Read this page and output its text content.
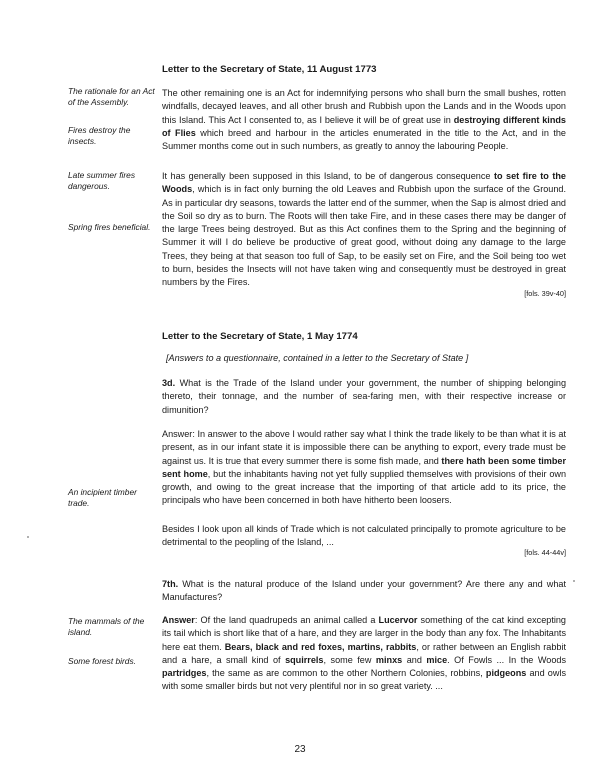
Letter to the Secretary of State, 11 August 1773

The rationale for an Act of the Assembly.

Fires destroy the insects.

The other remaining one is an Act for indemnifying persons who shall burn the small bushes, rotten windfalls, decayed leaves, and all other brush and Rubbish upon the Lands and in the Woods upon this Island. This Act I consented to, as I believe it will be of great use in destroying different kinds of Flies which breed and harbour in the articles enumerated in the title to the Act, and in the Summer months come out in such numbers, as greatly to annoy the labouring People.

Late summer fires dangerous.

Spring fires beneficial.

It has generally been supposed in this Island, to be of dangerous consequence to set fire to the Woods, which is in fact only burning the old Leaves and Rubbish upon the surface of the Ground. As in particular dry seasons, towards the latter end of the summer, when the Sap is almost dried and the Soil so dry as to burn. The Roots will then take Fire, and in these cases there may be danger of the large Trees being destroyed. But as this Act confines them to the Spring and the beginning of Summer it will I do believe be productive of great good, without doing any damage to the large Trees, they being at that season too full of Sap, to be easily set on Fire, and the Soil being too wet to burn, besides the Insects will not have taken wing and consequently must be destroyed in great numbers by the Fires.

[fols. 39v-40]
Letter to the Secretary of State, 1 May 1774
[Answers to a questionnaire, contained in a letter to the Secretary of State ]

3d. What is the Trade of the Island under your government, the number of shipping belonging thereto, their tonnage, and the number of sea-faring men, with their respective increase or dimunition?

An incipient timber trade.

Answer: In answer to the above I would rather say what I think the trade likely to be than what it is at present, as in our infant state it is impossible there can be anything to export, every trade must be against us. It is true that every summer there is some fish made, and there hath been some timber sent home, but the inhabitants having not yet fully supplied themselves with provisions of their own growth, and owing to the great increase that the importing of that article add to its price, the principals who have been concerned in both have hitherto been loosers.

Besides I look upon all kinds of Trade which is not calculated principally to promote agriculture to be detrimental to the peopling of the Island, ...

[fols. 44-44v]

7th. What is the natural produce of the Island under your government? Are there any and what Manufactures?

The mammals of the island.

Some forest birds.

Answer: Of the land quadrupeds an animal called a Lucervor something of the cat kind excepting its tail which is short like that of a hare, and they are larger in the body than any fox. The Inhabitants here eat them. Bears, black and red foxes, martins, rabbits, or rather between an English rabbit and a hare, a small kind of squirrels, some few minxs and mice. Of Fowls ... In the Woods partridges, the same as are common to the other Northern Colonies, robbins, pidgeons and owls with some smaller birds but not very plentiful nor in so great variety. ...

23
